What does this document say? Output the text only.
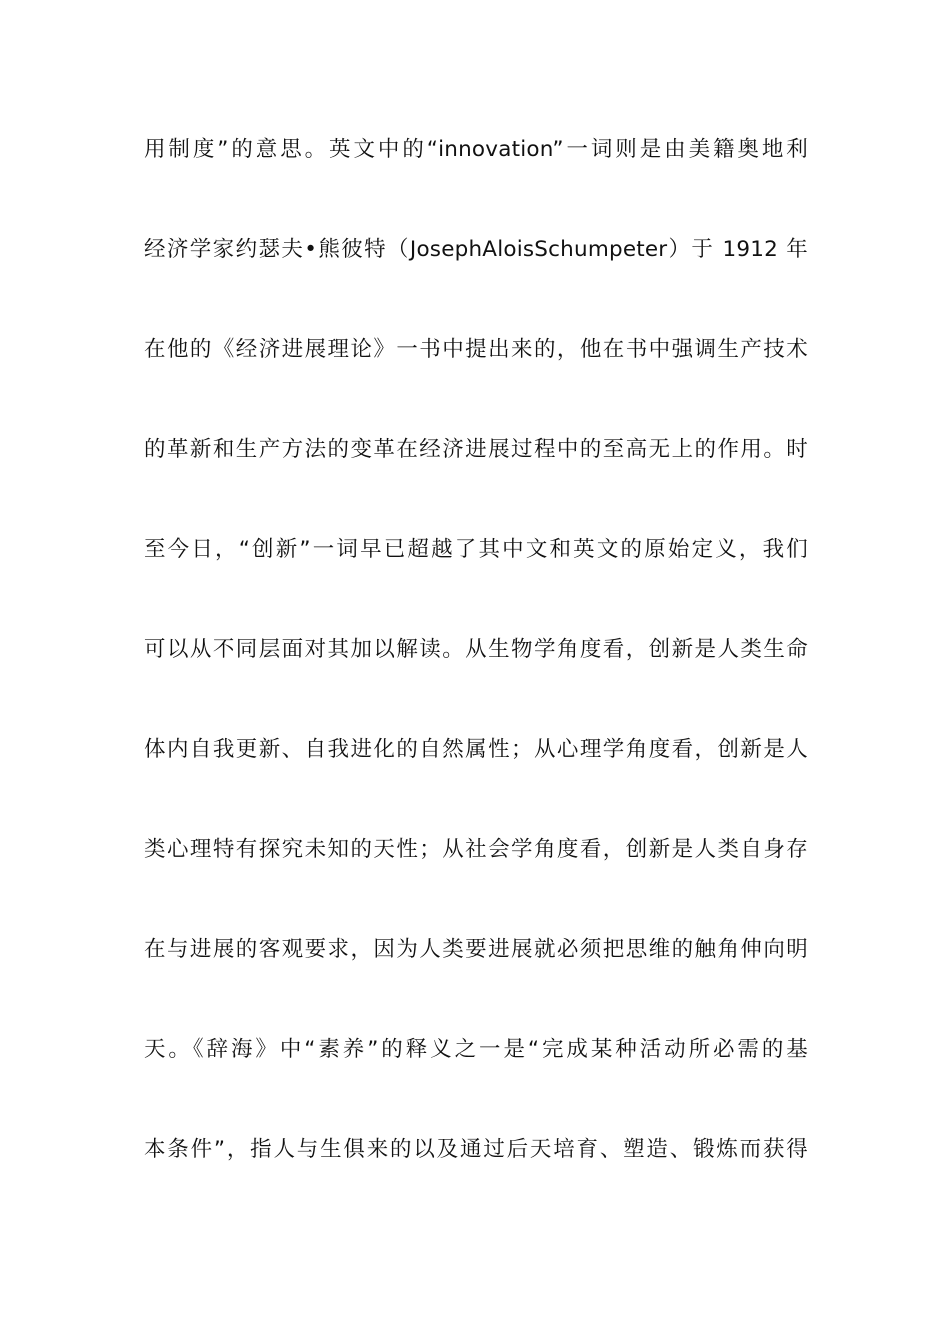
用制度”的意思。英文中的“innovation”一词则是由美籍奥地利
经济学家约瑟夫•熊彼特（JosephAloisSchumpeter）于 1912 年
在他的《经济进展理论》一书中提出来的，他在书中强调生产技术
的革新和生产方法的变革在经济进展过程中的至高无上的作用。时
至今日，“创新”一词早已超越了其中文和英文的原始定义，我们
可以从不同层面对其加以解读。从生物学角度看，创新是人类生命
体内自我更新、自我进化的自然属性；从心理学角度看，创新是人
类心理特有探究未知的天性；从社会学角度看，创新是人类自身存
在与进展的客观要求，因为人类要进展就必须把思维的触角伸向明
天。《辞海》中“素养”的释义之一是“完成某种活动所必需的基
本条件”，指人与生俱来的以及通过后天培育、塑造、锻炼而获得
